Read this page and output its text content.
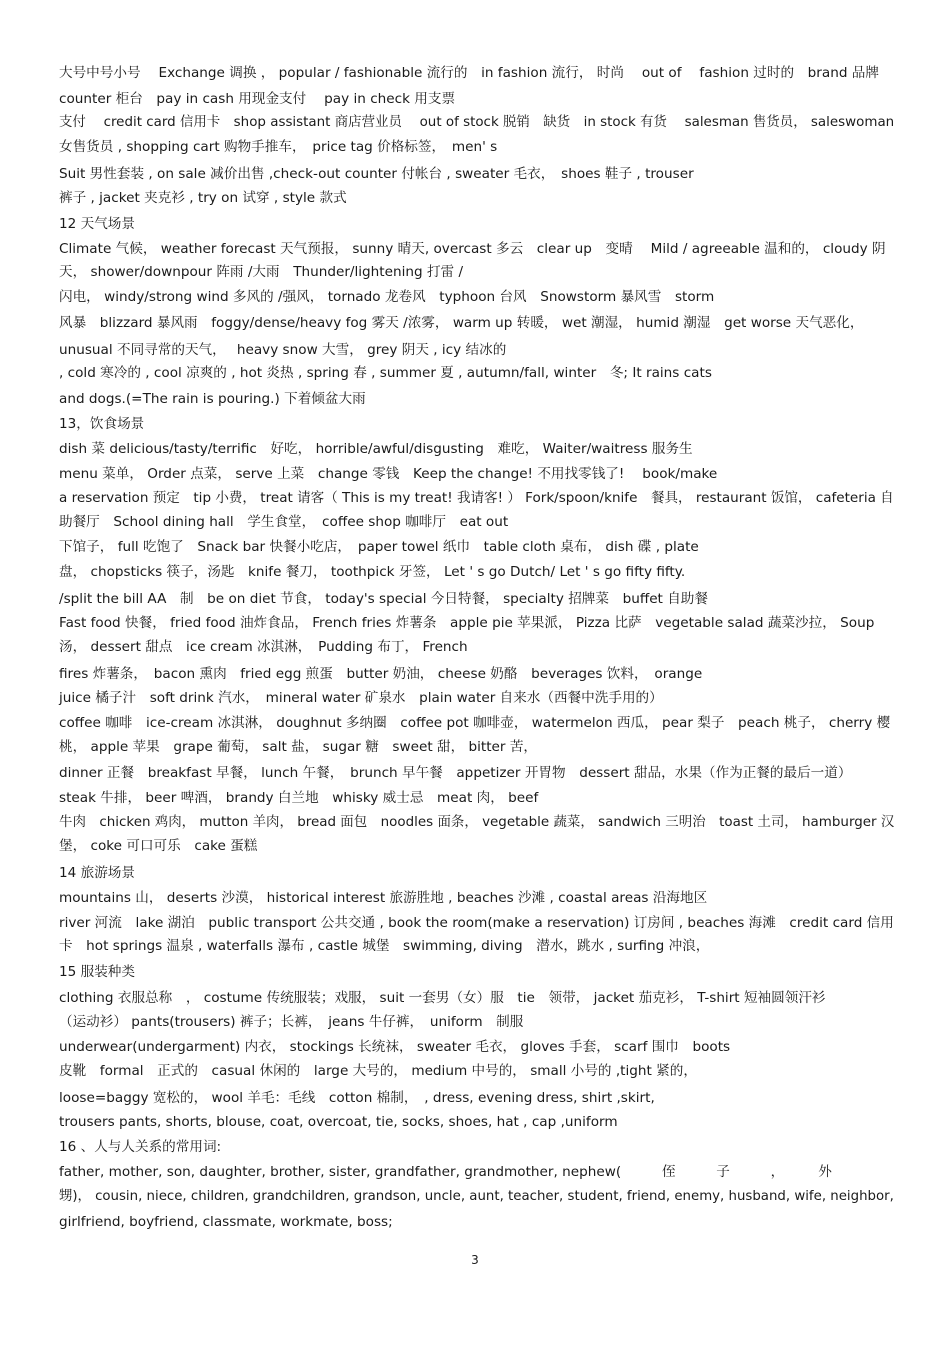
大号中号小号　 Exchange 调换 ， popular / fashionable 流行的　in fashion 流行， 时尚　 out of　 fashion 过时的　brand 品牌
counter 柜台　pay in cash 用现金支付　 pay in check 用支票
支付　 credit card 信用卡　shop assistant 商店营业员　 out of stock 脱销　缺货　in stock 有货　 salesman 售货员， saleswoman
女售货员 , shopping cart 购物手推车，　price tag 价格标签，　men' s
Suit 男性套装 , on sale 减价出售 ,check-out counter 付帐台 , sweater 毛衣，　shoes 鞋子 , trouser
裤子 , jacket 夹克衫 , try on 试穿 , style 款式
12 天气场景
Climate 气候， weather forecast 天气预报， sunny 晴天, overcast 多云　clear up　变晴　 Mild / agreeable 温和的， cloudy 阴
天， shower/downpour 阵雨 /大雨　Thunder/lightening 打雷 /
闪电， windy/strong wind 多风的 /强风， tornado 龙卷风　typhoon 台风　Snowstorm 暴风雪　storm
风暴　blizzard 暴风雨　foggy/dense/heavy fog 雾天 /浓雾， warm up 转暖， wet 潮湿， humid 潮湿　get worse 天气恶化，
unusual 不同寻常的天气，　 heavy snow 大雪， grey 阴天 , icy 结冰的
, cold 寒冷的 , cool 凉爽的 , hot 炎热 , spring 春 , summer 夏 , autumn/fall, winter　冬; It rains cats
and dogs.(=The rain is pouring.) 下着倾盆大雨
13，饮食场景
dish 菜 delicious/tasty/terrific　好吃， horrible/awful/disgusting　难吃， Waiter/waitress 服务生
menu 菜单， Order 点菜， serve 上菜　change 零钱　Keep the change! 不用找零钱了!　 book/make
a reservation 预定　tip 小费， treat 请客（ This is my treat! 我请客! ） Fork/spoon/knife　餐具， restaurant 饭馆， cafeteria 自
助餐厅　School dining hall　学生食堂，　coffee shop 咖啡厅　eat out
下馆子， full 吃饱了　Snack bar 快餐小吃店，　paper towel 纸巾　table cloth 桌布， dish 碟 , plate
盘， chopsticks 筷子，汤匙　knife 餐刀， toothpick 牙签， Let ' s go Dutch/ Let ' s go fifty fifty.
/split the bill AA　制　be on diet 节食， today's special 今日特餐， specialty 招牌菜　buffet 自助餐
Fast food 快餐， fried food 油炸食品， French fries 炸薯条　apple pie 苹果派， Pizza 比萨　vegetable salad 蔬菜沙拉， Soup
汤， dessert 甜点　ice cream 冰淇淋，　Pudding 布丁， French
fires 炸薯条，　bacon 熏肉　fried egg 煎蛋　butter 奶油， cheese 奶酪　beverages 饮料，　orange
juice 橘子汁　soft drink 汽水，　mineral water 矿泉水　plain water 自来水（西餐中洗手用的）
coffee 咖啡　ice-cream 冰淇淋， doughnut 多纳圈　coffee pot 咖啡壶， watermelon 西瓜， pear 梨子　peach 桃子， cherry 樱
桃， apple 苹果　grape 葡萄， salt 盐， sugar 糖　sweet 甜， bitter 苦，
dinner 正餐　breakfast 早餐， lunch 午餐，　brunch 早午餐　appetizer 开胃物　dessert 甜品，水果（作为正餐的最后一道）
steak 牛排， beer 啤酒， brandy 白兰地　whisky 威士忌　meat 肉， beef
牛肉　chicken 鸡肉， mutton 羊肉， bread 面包　noodles 面条， vegetable 蔬菜， sandwich 三明治　toast 土司， hamburger 汉
堡， coke 可口可乐　cake 蛋糕
14 旅游场景
mountains 山， deserts 沙漠， historical interest 旅游胜地 , beaches 沙滩 , coastal areas 沿海地区
river 河流　lake 湖泊　public transport 公共交通 , book the room(make a reservation) 订房间 , beaches 海滩　credit card 信用
卡　hot springs 温泉 , waterfalls 瀑布 , castle 城堡　swimming, diving　潜水，跳水 , surfing 冲浪，
15 服装种类
clothing 衣服总称　， costume 传统服装；戏服， suit 一套男（女）服　tie　领带， jacket 茄克衫， T-shirt 短袖圆领汗衫
（运动衫） pants(trousers) 裤子；长裤，　jeans 牛仔裤，　uniform　制服
underwear(undergarment) 内衣， stockings 长统袜， sweater 毛衣， gloves 手套， scarf 围巾　boots
皮靴　formal　正式的　casual 休闲的　large 大号的， medium 中号的， small 小号的 ,tight 紧的，
loose=baggy 宽松的， wool 羊毛：毛线　cotton 棉制，　, dress, evening dress, shirt ,skirt,
trousers pants, shorts, blouse, coat, overcoat, tie, socks, shoes, hat , cap ,uniform
16 、人与人关系的常用词:
father, mother, son, daughter, brother, sister, grandfather, grandmother, nephew(　　　侄　　　子　　　，　　　外
甥)， cousin, niece, children, grandchildren, grandson, uncle, aunt, teacher, student, friend, enemy, husband, wife, neighbor,
girlfriend, boyfriend, classmate, workmate, boss;
3
